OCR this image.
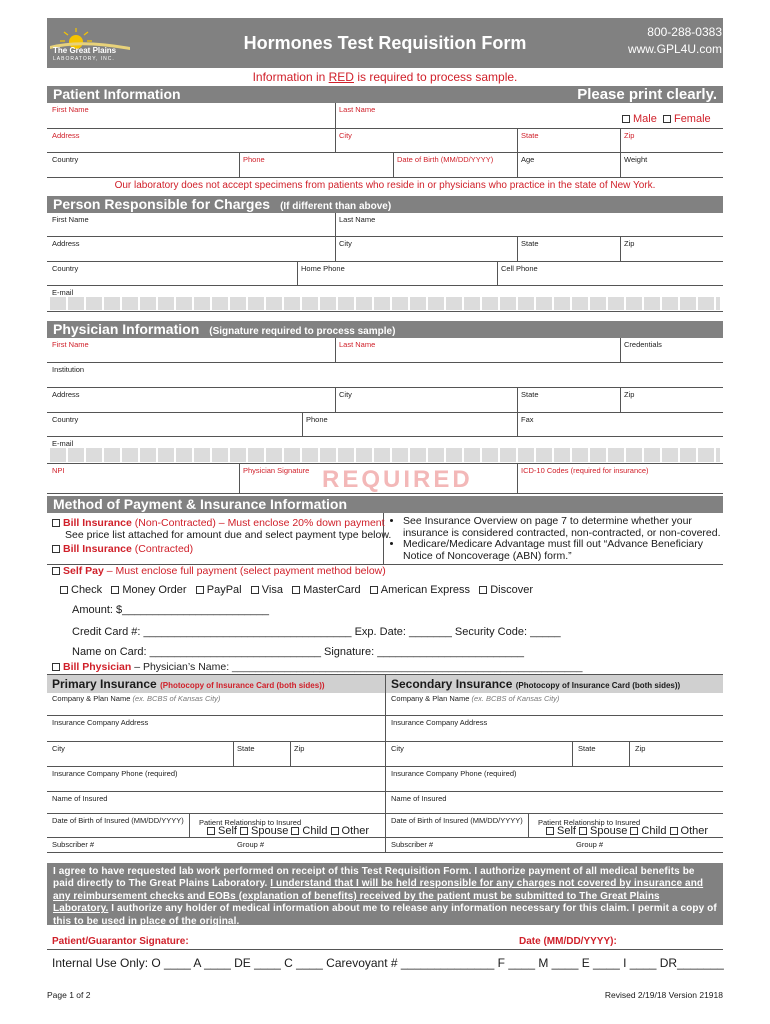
The Great Plains
LABORATORY, INC.
Hormones Test Requisition Form
800-288-0383
www.GPL4U.com
Information in RED is required to process sample.
Patient Information	Please print clearly.
First Name	Last Name
Male Female
Address	City	State	Zip
Country	Phone	Date of Birth (MM/DD/YYYY)	Age	Weight
Our laboratory does not accept specimens from patients who reside in or physicians who practice in the state of New York.
Person Responsible for Charges (If different than above)
First Name	Last Name
Address	City	State	Zip
Country	Home Phone	Cell Phone
E-mail
Physician Information (Signature required to process sample)
First Name	Last Name	Credentials
Institution
Address	City	State	Zip
Country	Phone	Fax
E-mail
NPI	Physician Signature REQUIRED	ICD-10 Codes (required for insurance)
Method of Payment & Insurance Information
Bill Insurance (Non-Contracted) – Must enclose 20% down payment
See price list attached for amount due and select payment type below.
Bill Insurance (Contracted)
• See Insurance Overview on page 7 to determine whether your insurance is considered contracted, non-contracted, or non-covered.
• Medicare/Medicare Advantage must fill out “Advance Beneficiary Notice of Noncoverage (ABN) form.”
Self Pay – Must enclose full payment (select payment method below)
Check Money Order PayPal Visa MasterCard American Express Discover
Amount: $________________________
Credit Card #: __________________________________ Exp. Date: _______ Security Code: _____
Name on Card: ____________________________ Signature: ________________________
Bill Physician – Physician’s Name: ____________________________________________________________
Primary Insurance (Photocopy of Insurance Card (both sides))	Secondary Insurance (Photocopy of Insurance Card (both sides))
Company & Plan Name (ex. BCBS of Kansas City)
Insurance Company Address
City	State	Zip
Insurance Company Phone (required)
Name of Insured
Date of Birth of Insured (MM/DD/YYYY) Patient Relationship to Insured
Self Spouse Child Other
Subscriber #	Group #
Company & Plan Name (ex. BCBS of Kansas City)
Insurance Company Address
City	State	Zip
Insurance Company Phone (required)
Name of Insured
Date of Birth of Insured (MM/DD/YYYY) Patient Relationship to Insured
Self Spouse Child Other
Subscriber #	Group #
I agree to have requested lab work performed on receipt of this Test Requisition Form. I authorize payment of all medical benefits be paid directly to The Great Plains Laboratory. I understand that I will be held responsible for any charges not covered by insurance and any reimbursement checks and EOBs (explanation of benefits) received by the patient must be submitted to The Great Plains Laboratory. I authorize any holder of medical information about me to release any information necessary for this claim. I permit a copy of this to be used in place of the original.
Patient/Guarantor Signature:	Date (MM/DD/YYYY):
Internal Use Only: O ____ A ____ DE ____ C ____ Carevoyant # ______________ F ____ M ____ E ____ I ____ DR_______
Page 1 of 2	Revised 2/19/18 Version 21918
